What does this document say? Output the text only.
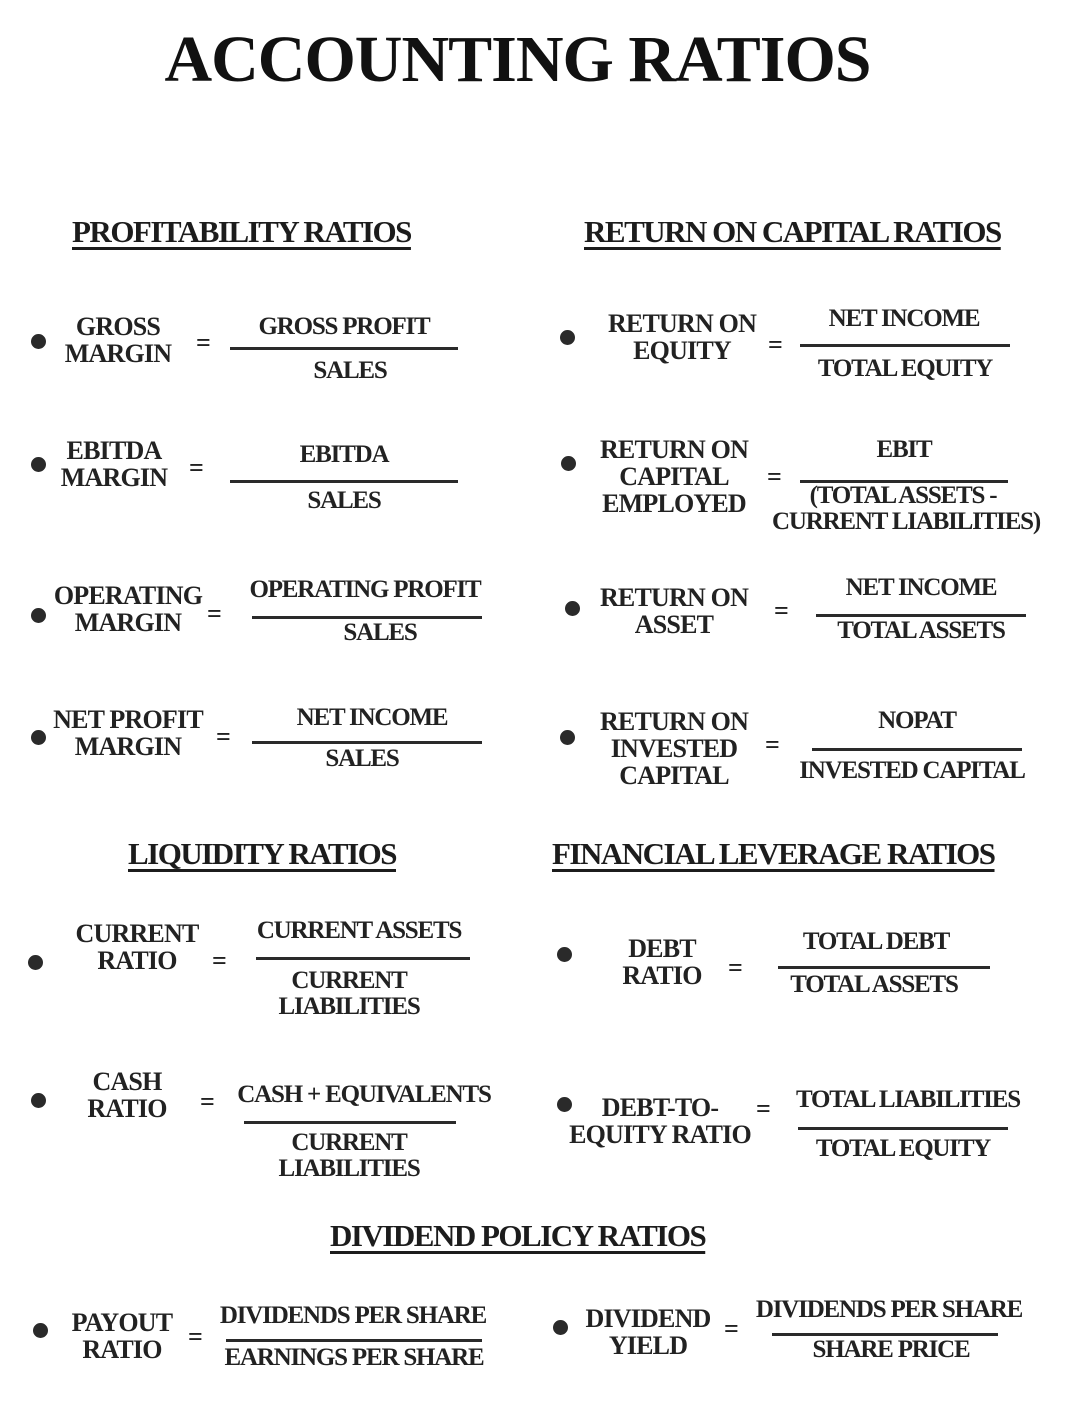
ACCOUNTING RATIOS
PROFITABILITY RATIOS
GROSS
MARGIN =
GROSS PROFIT
SALES
EBITDA
MARGIN =	EBITDA
SALES
OPERATING
MARGIN =
OPERATING PROFIT
SALES
NET PROFIT
MARGIN	=
NET INCOME
SALES
RETURN ON CAPITAL RATIOS
RETURN ON
EQUITY	=
NET INCOME
TOTAL EQUITY
RETURN ON
CAPITAL
EMPLOYED
=
EBIT
(TOTAL ASSETS -
CURRENT LIABILITIES)
RETURN ON
ASSET	=
NET INCOME
TOTAL ASSETS
RETURN ON
INVESTED
CAPITAL
=
NOPAT
INVESTED CAPITAL
LIQUIDITY RATIOS
CURRENT
RATIO	=
CURRENT ASSETS
CURRENT
LIABILITIES
CASH
RATIO	= CASH + EQUIVALENTS
CURRENT
LIABILITIES
FINANCIAL LEVERAGE RATIOS
DEBT
RATIO	=
TOTAL DEBT
TOTAL ASSETS
DEBT-TO-
EQUITY RATIO
= TOTAL LIABILITIES
TOTAL EQUITY
DIVIDEND POLICY RATIOS
PAYOUT
RATIO	=
DIVIDENDS PER SHARE
EARNINGS PER SHARE
DIVIDEND
YIELD
=
DIVIDENDS PER SHARE
SHARE PRICE
